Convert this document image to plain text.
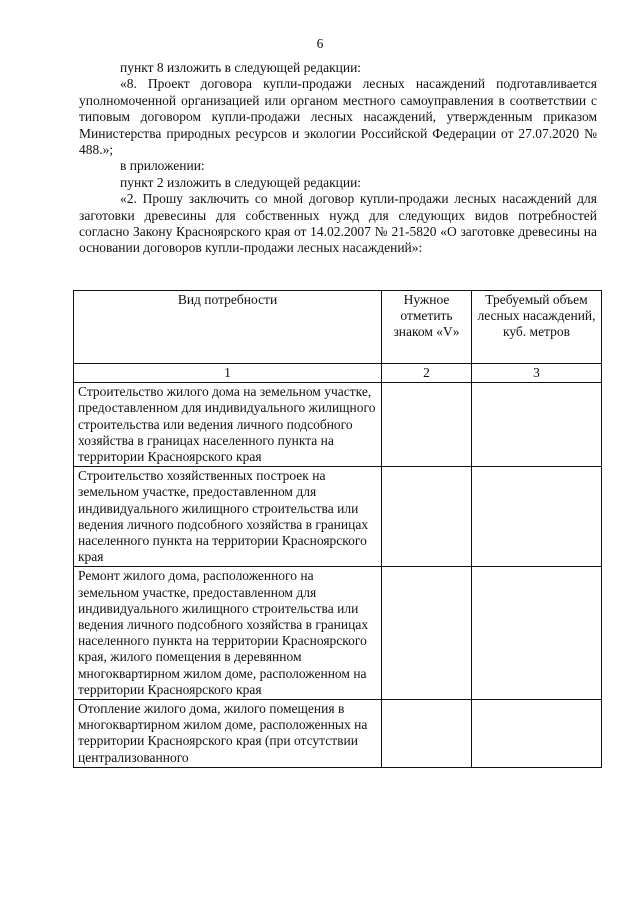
6

пункт 8 изложить в следующей редакции:

«8. Проект договора купли-продажи лесных насаждений подготавливается уполномоченной организацией или органом местного самоуправления в соответствии с типовым договором купли-продажи лесных насаждений, утвержденным приказом Министерства природных ресурсов и экологии Российской Федерации от 27.07.2020 № 488.»;

в приложении:

пункт 2 изложить в следующей редакции:

«2. Прошу заключить со мной договор купли-продажи лесных насаждений для заготовки древесины для собственных нужд для следующих видов потребностей согласно Закону Красноярского края от 14.02.2007 № 21-5820 «О заготовке древесины на основании договоров купли-продажи лесных насаждений»:

Вид потребности	Нужное отметить знаком «V»	Требуемый объем лесных насаждений, куб. метров
1	2	3
Строительство жилого дома на земельном участке, предоставленном для индивидуального жилищного строительства или ведения личного подсобного хозяйства в границах населенного пункта на территории Красноярского края		
Строительство хозяйственных построек на земельном участке, предоставленном для индивидуального жилищного строительства или ведения личного подсобного хозяйства в границах населенного пункта на территории Красноярского края		
Ремонт жилого дома, расположенного на земельном участке, предоставленном для индивидуального жилищного строительства или ведения личного подсобного хозяйства в границах населенного пункта на территории Красноярского края, жилого помещения в деревянном многоквартирном жилом доме, расположенном на территории Красноярского края		
Отопление жилого дома, жилого помещения в многоквартирном жилом доме, расположенных на территории Красноярского края (при отсутствии централизованного		
